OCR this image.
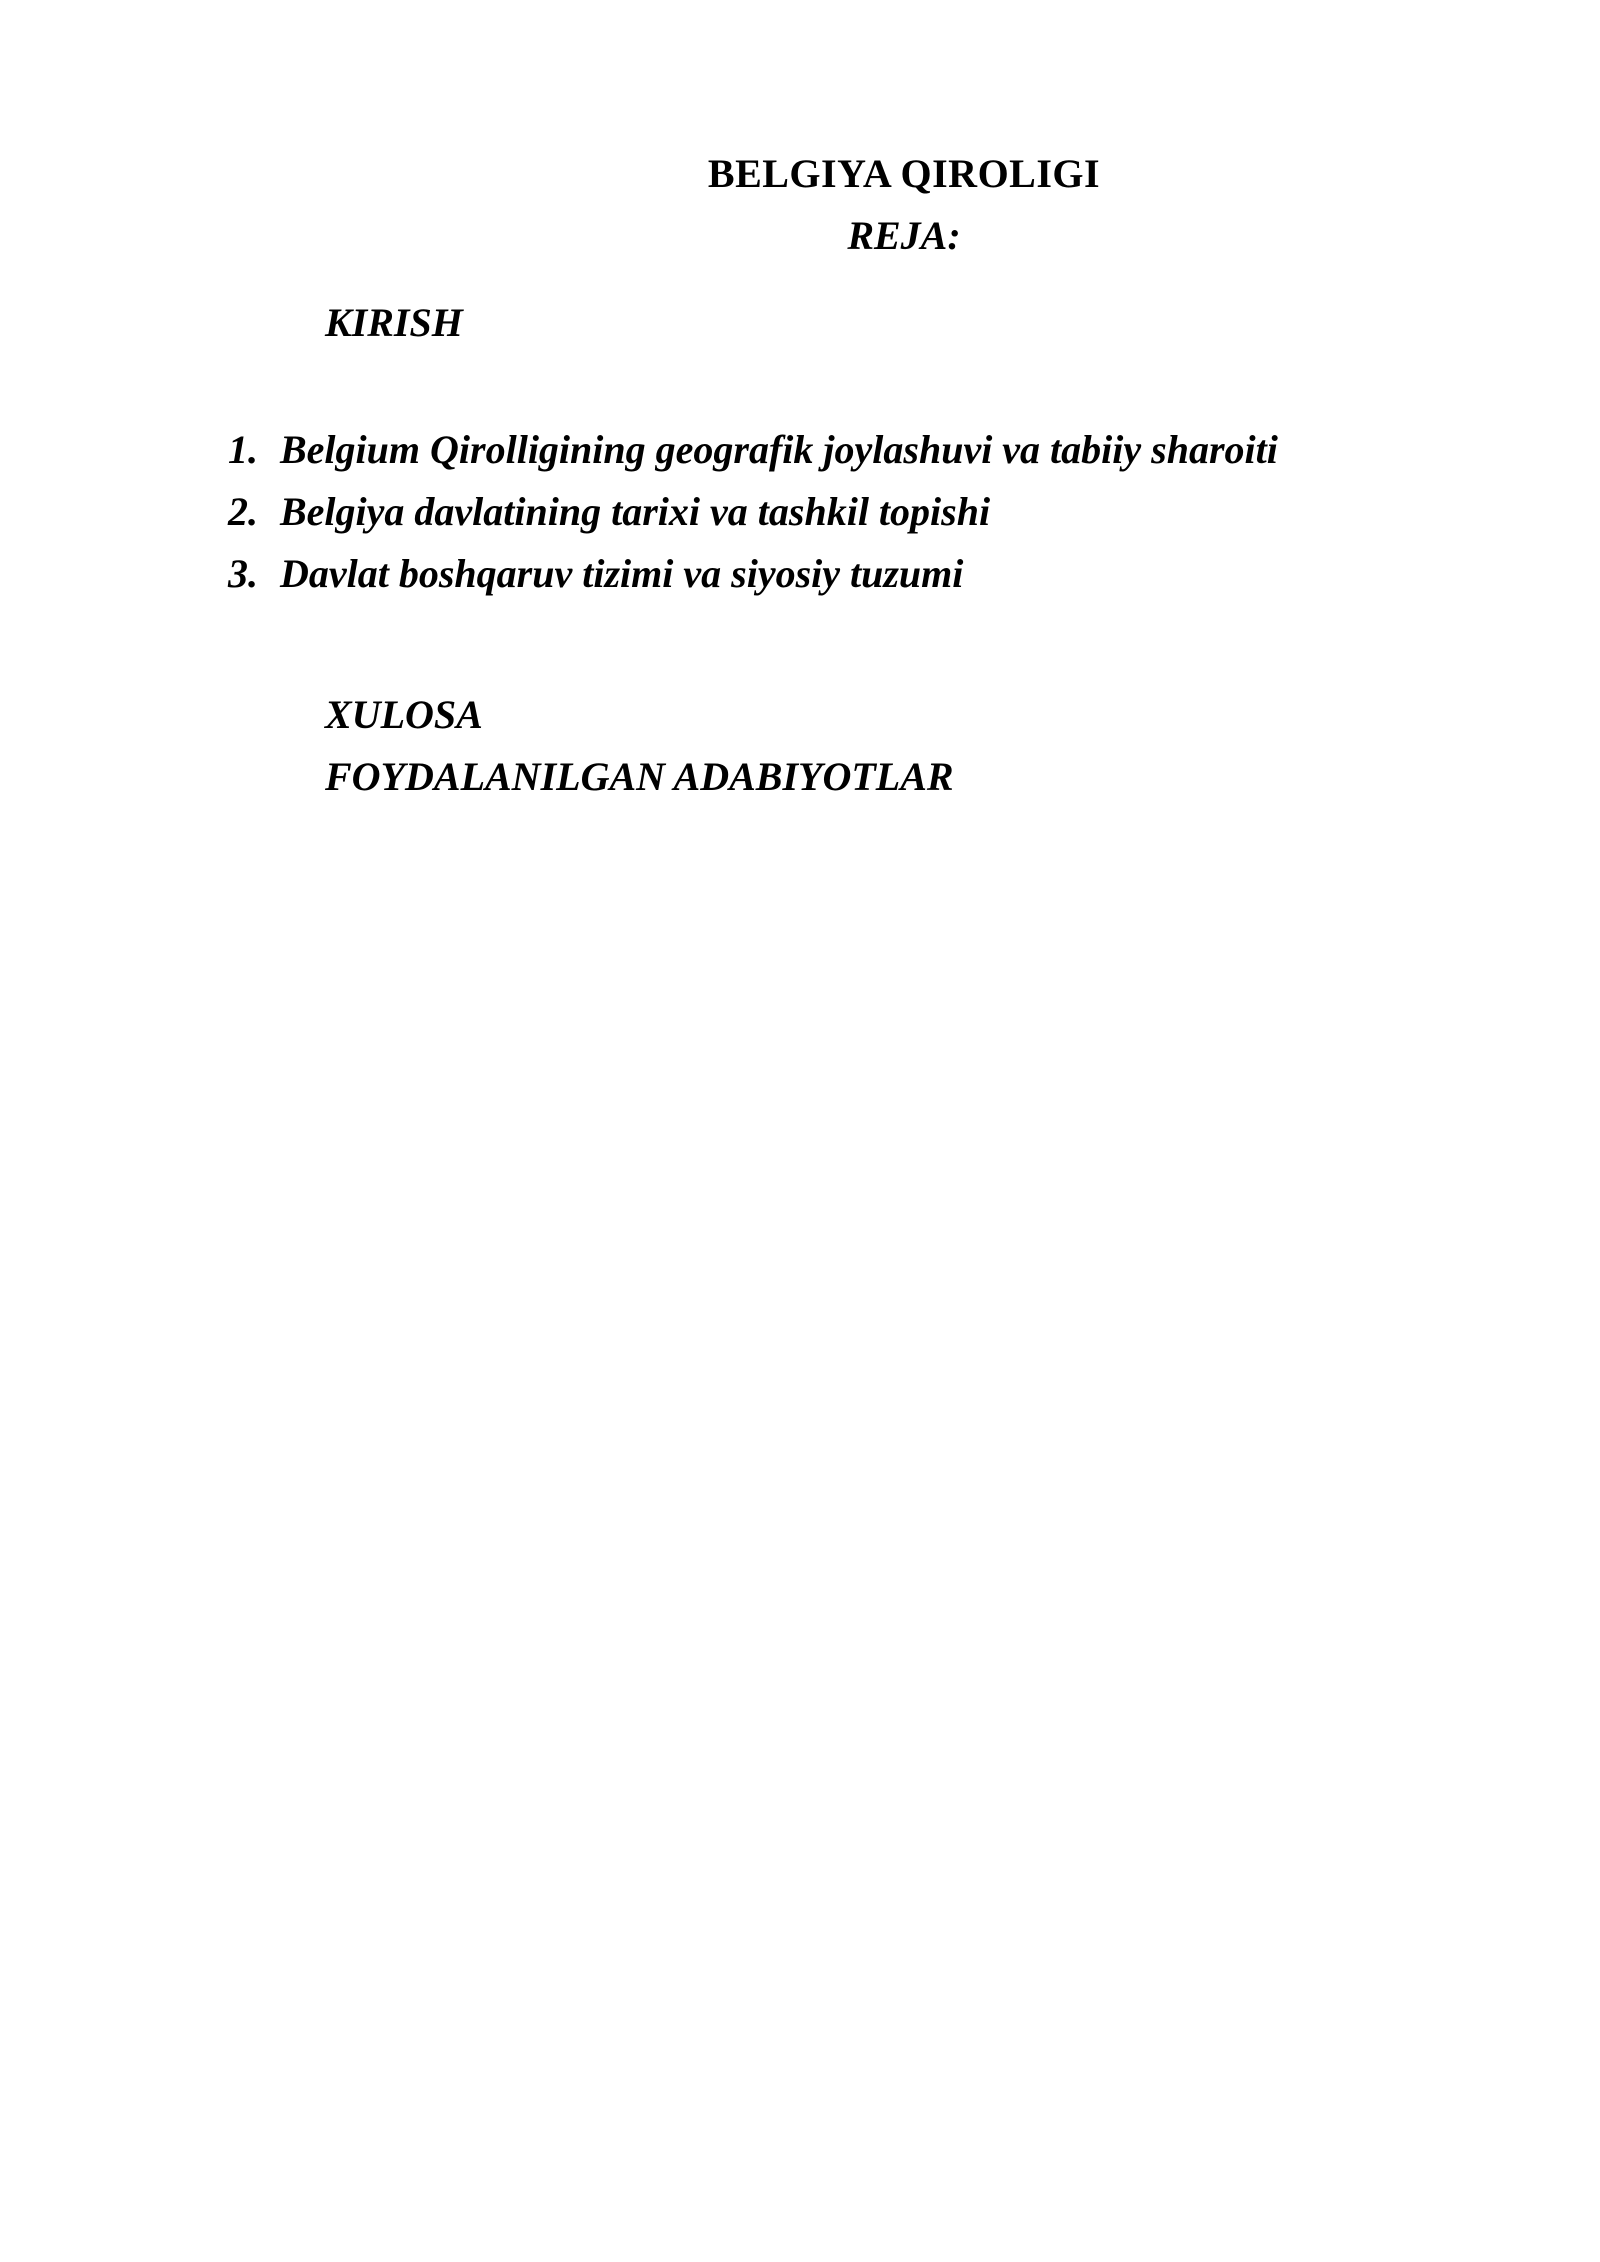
BELGIYA QIROLIGI
REJA:
KIRISH
1. Belgium Qirolligining geografik joylashuvi va tabiiy sharoiti
2. Belgiya davlatining tarixi va tashkil topishi
3. Davlat boshqaruv tizimi va siyosiy tuzumi
XULOSA
FOYDALANILGAN ADABIYOTLAR
